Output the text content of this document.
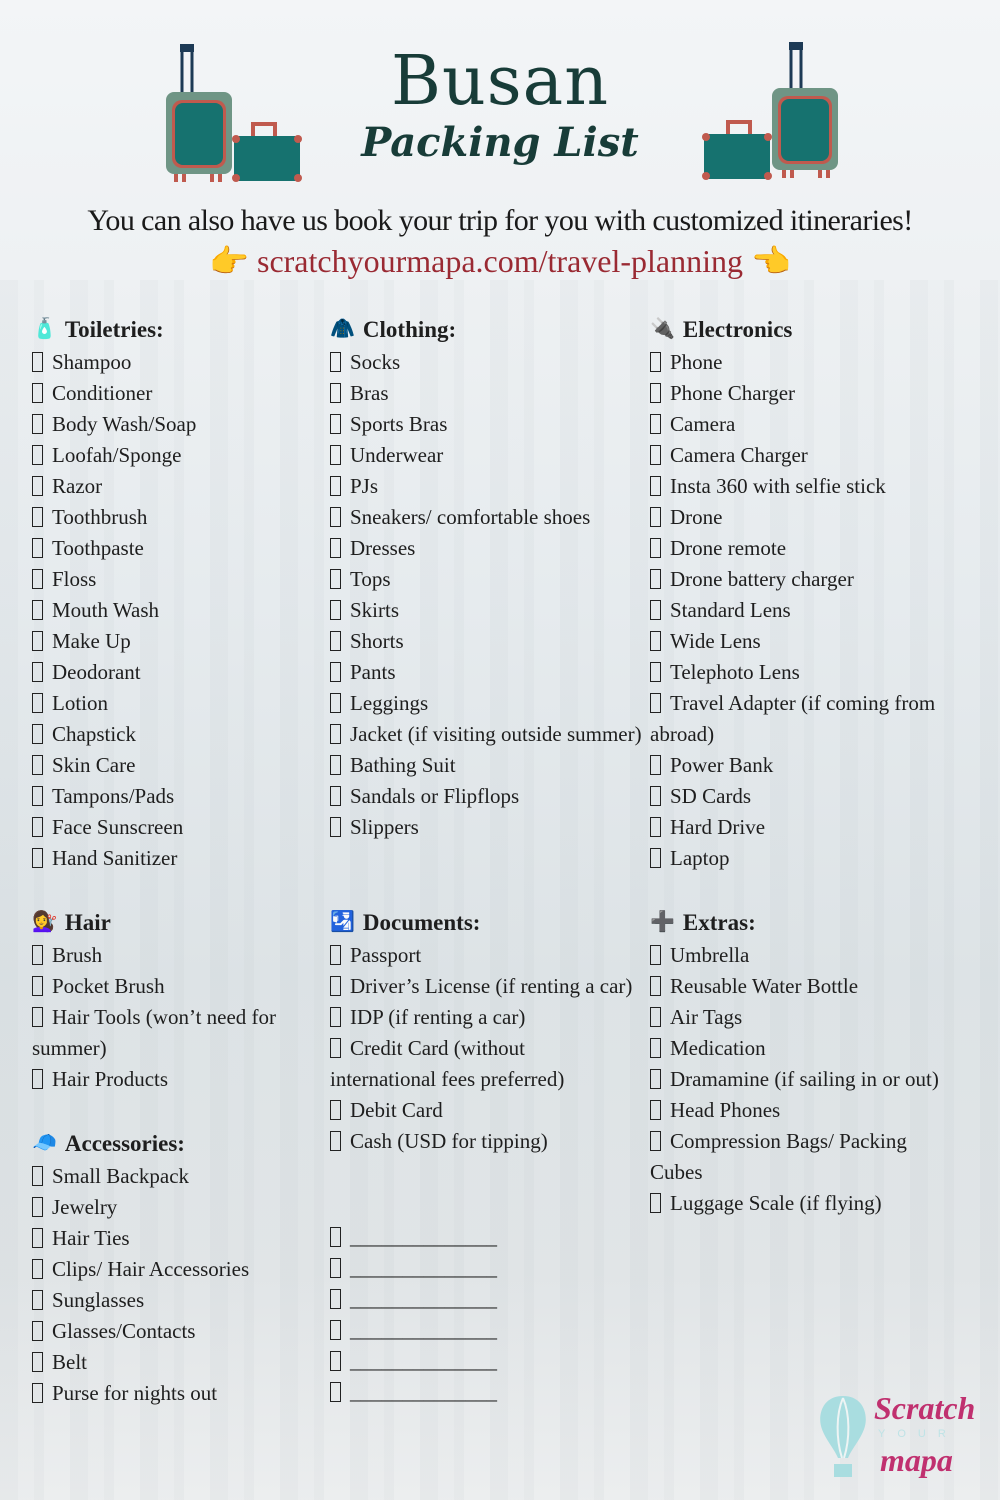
Busan
Packing List
You can also have us book your trip for you with customized itineraries!
👉 scratchyourmapa.com/travel-planning 👈
🧴 Toiletries:
Shampoo
Conditioner
Body Wash/Soap
Loofah/Sponge
Razor
Toothbrush
Toothpaste
Floss
Mouth Wash
Make Up
Deodorant
Lotion
Chapstick
Skin Care
Tampons/Pads
Face Sunscreen
Hand Sanitizer
💇‍♀️ Hair
Brush
Pocket Brush
Hair Tools (won’t need for summer)
Hair Products
🧢 Accessories:
Small Backpack
Jewelry
Hair Ties
Clips/ Hair Accessories
Sunglasses
Glasses/Contacts
Belt
Purse for nights out
🧥 Clothing:
Socks
Bras
Sports Bras
Underwear
PJs
Sneakers/ comfortable shoes
Dresses
Tops
Skirts
Shorts
Pants
Leggings
Jacket (if visiting outside summer)
Bathing Suit
Sandals or Flipflops
Slippers
🛂 Documents:
Passport
Driver’s License (if renting a car)
IDP (if renting a car)
Credit Card (without international fees preferred)
Debit Card
Cash (USD for tipping)
______________
______________
______________
______________
______________
______________
🔌 Electronics
Phone
Phone Charger
Camera
Camera Charger
Insta 360 with selfie stick
Drone
Drone remote
Drone battery charger
Standard Lens
Wide Lens
Telephoto Lens
Travel Adapter (if coming from abroad)
Power Bank
SD Cards
Hard Drive
Laptop
➕ Extras:
Umbrella
Reusable Water Bottle
Air Tags
Medication
Dramamine (if sailing in or out)
Head Phones
Compression Bags/ Packing Cubes
Luggage Scale (if flying)
Scratch
YOUR
mapa
